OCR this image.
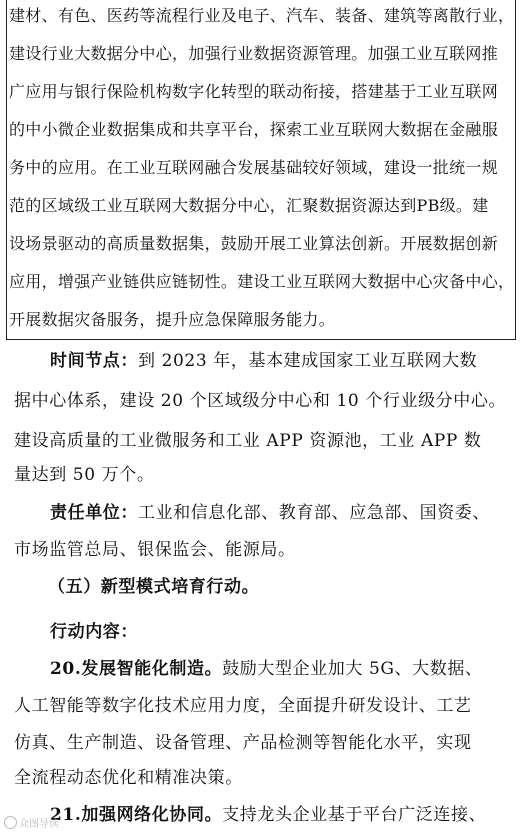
建材、有色、医药等流程行业及电子、汽车、装备、建筑等离散行业，
建设行业大数据分中心，加强行业数据资源管理。加强工业互联网推
广应用与银行保险机构数字化转型的联动衔接，搭建基于工业互联网
的中小微企业数据集成和共享平台，探索工业互联网大数据在金融服
务中的应用。在工业互联网融合发展基础较好领域，建设一批统一规
范的区域级工业互联网大数据分中心，汇聚数据资源达到PB级。建
设场景驱动的高质量数据集，鼓励开展工业算法创新。开展数据创新
应用，增强产业链供应链韧性。建设工业互联网大数据中心灾备中心，
开展数据灾备服务，提升应急保障服务能力。
时间节点：到 2023 年，基本建成国家工业互联网大数
据中心体系，建设 20 个区域级分中心和 10 个行业级分中心。
建设高质量的工业微服务和工业 APP 资源池，工业 APP 数
量达到 50 万个。
责任单位：工业和信息化部、教育部、应急部、国资委、
市场监管总局、银保监会、能源局。
（五）新型模式培育行动。
行动内容：
20.发展智能化制造。鼓励大型企业加大 5G、大数据、
人工智能等数字化技术应用力度，全面提升研发设计、工艺
仿真、生产制造、设备管理、产品检测等智能化水平，实现
全流程动态优化和精准决策。
21.加强网络化协同。支持龙头企业基于平台广泛连接、
众图导读
